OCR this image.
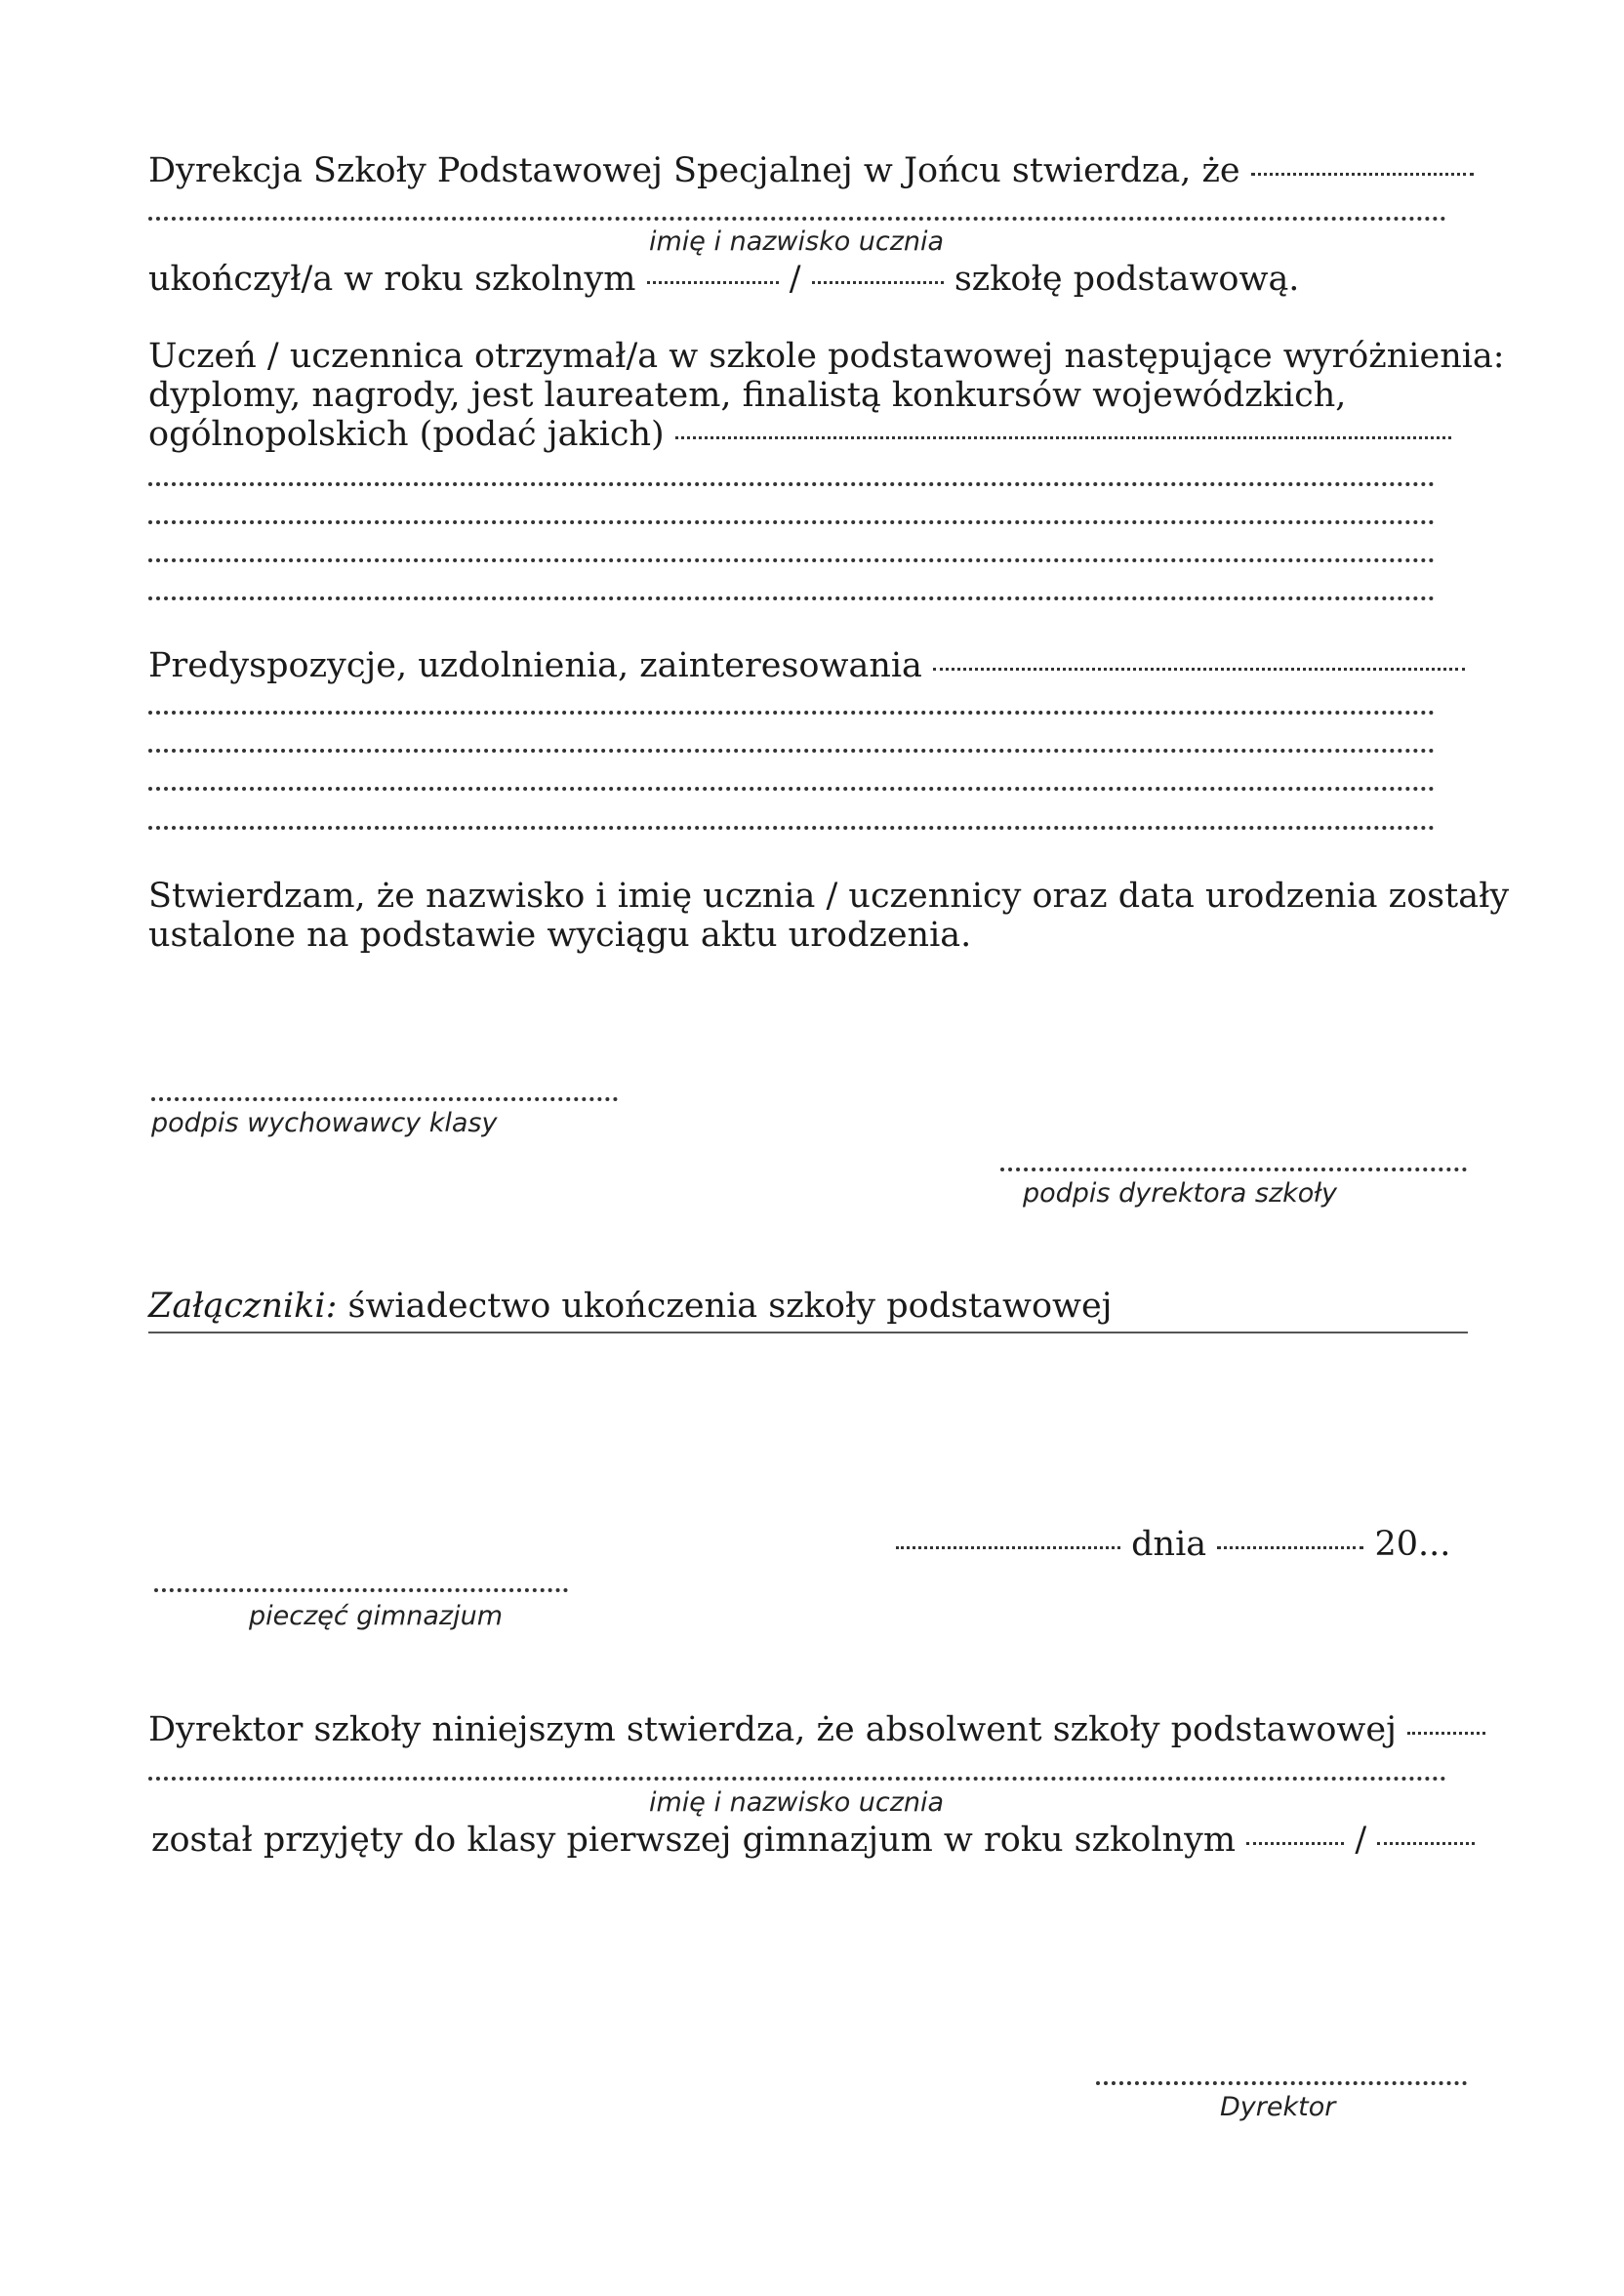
Dyrekcja Szkoły Podstawowej Specjalnej w Jońcu stwierdza, że
imię i nazwisko ucznia
ukończył/a w roku szkolnym	/	szkołę podstawową.
Uczeń / uczennica otrzymał/a w szkole podstawowej następujące wyróżnienia:
dyplomy, nagrody, jest laureatem, finalistą konkursów wojewódzkich,
ogólnopolskich (podać jakich)
Predyspozycje, uzdolnienia, zainteresowania
Stwierdzam, że nazwisko i imię ucznia / uczennicy oraz data urodzenia zostały
ustalone na podstawie wyciągu aktu urodzenia.
podpis wychowawcy klasy
podpis dyrektora szkoły
Załączniki: świadectwo ukończenia szkoły podstawowej
dnia	20...
pieczęć gimnazjum
Dyrektor szkoły niniejszym stwierdza, że absolwent szkoły podstawowej
imię i nazwisko ucznia
został przyjęty do klasy pierwszej gimnazjum w roku szkolnym	/
Dyrektor
